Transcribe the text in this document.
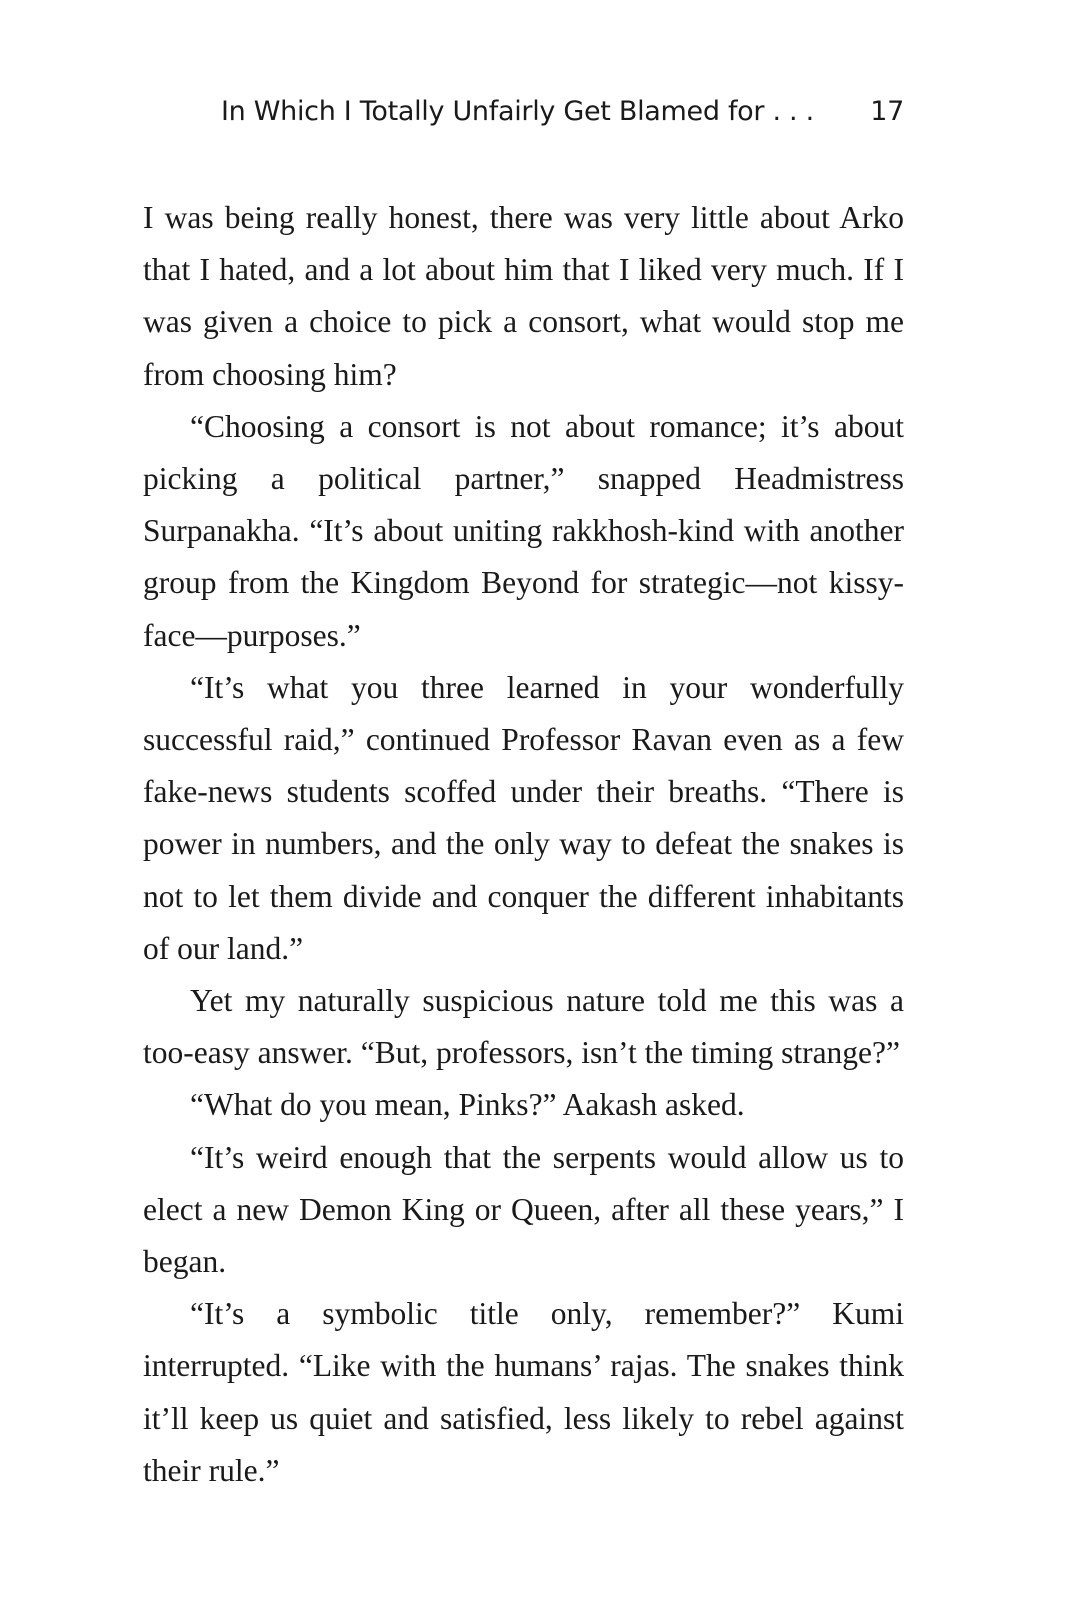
In Which I Totally Unfairly Get Blamed for . . . 17

I was being really honest, there was very little about Arko that I hated, and a lot about him that I liked very much. If I was given a choice to pick a consort, what would stop me from choosing him?

“Choosing a consort is not about romance; it’s about picking a political partner,” snapped Headmistress Surpanakha. “It’s about uniting rakkhosh-kind with another group from the Kingdom Beyond for strategic—not kissy-face—purposes.”

“It’s what you three learned in your wonderfully successful raid,” continued Professor Ravan even as a few fake-news students scoffed under their breaths. “There is power in numbers, and the only way to defeat the snakes is not to let them divide and conquer the different inhabitants of our land.”

Yet my naturally suspicious nature told me this was a too-easy answer. “But, professors, isn’t the timing strange?”

“What do you mean, Pinks?” Aakash asked.

“It’s weird enough that the serpents would allow us to elect a new Demon King or Queen, after all these years,” I began.

“It’s a symbolic title only, remember?” Kumi interrupted. “Like with the humans’ rajas. The snakes think it’ll keep us quiet and satisfied, less likely to rebel against their rule.”
